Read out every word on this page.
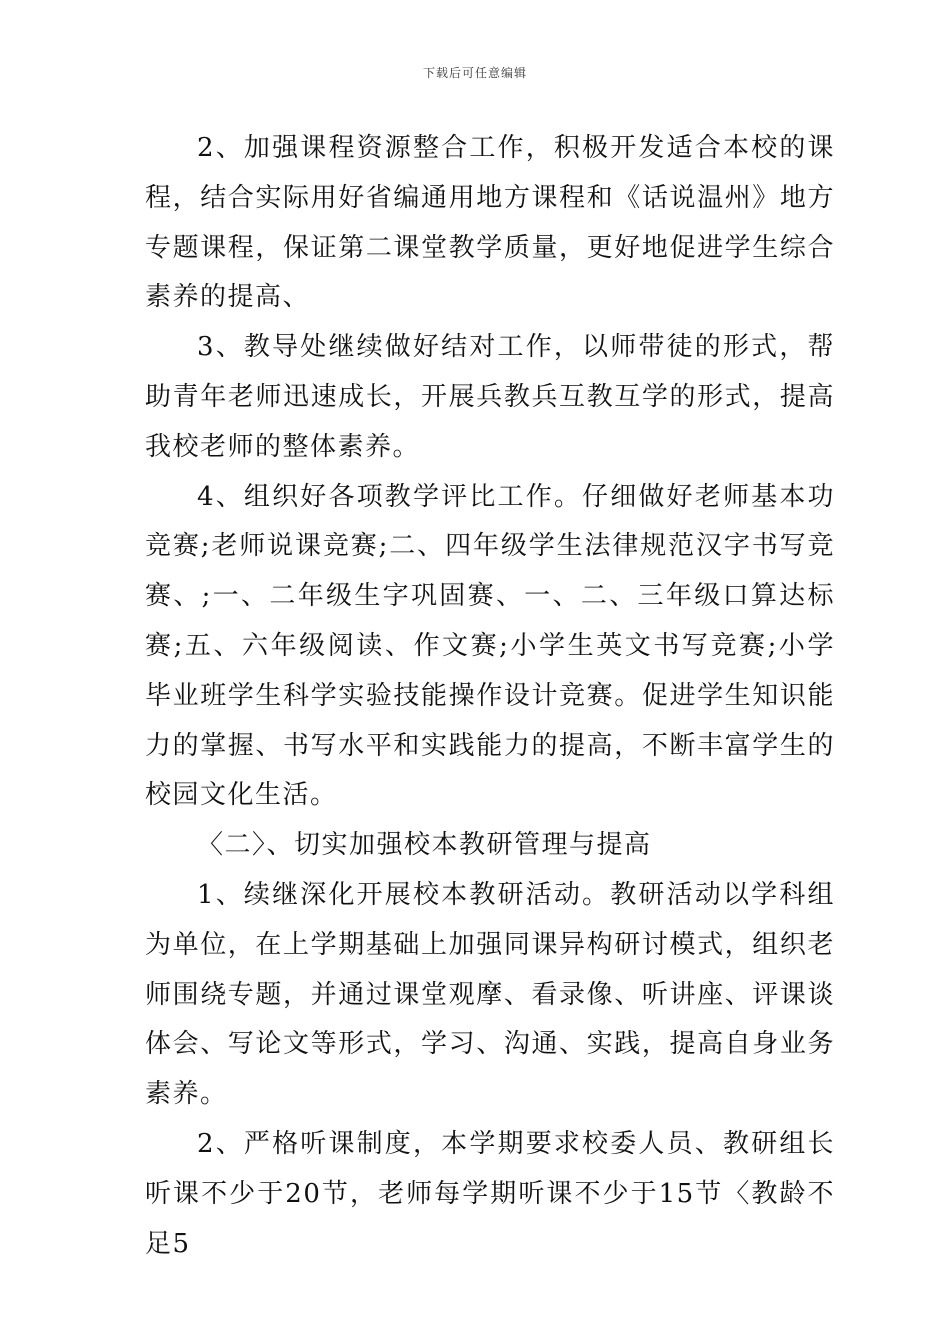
下载后可任意编辑

2、加强课程资源整合工作，积极开发适合本校的课程，结合实际用好省编通用地方课程和《话说温州》地方专题课程，保证第二课堂教学质量，更好地促进学生综合素养的提高、

3、教导处继续做好结对工作，以师带徒的形式，帮助青年老师迅速成长，开展兵教兵互教互学的形式，提高我校老师的整体素养。

4、组织好各项教学评比工作。仔细做好老师基本功竞赛;老师说课竞赛;二、四年级学生法律规范汉字书写竞赛、;一、二年级生字巩固赛、一、二、三年级口算达标赛;五、六年级阅读、作文赛;小学生英文书写竞赛;小学毕业班学生科学实验技能操作设计竞赛。促进学生知识能力的掌握、书写水平和实践能力的提高，不断丰富学生的校园文化生活。

〈二〉、切实加强校本教研管理与提高

1、续继深化开展校本教研活动。教研活动以学科组为单位，在上学期基础上加强同课异构研讨模式，组织老师围绕专题，并通过课堂观摩、看录像、听讲座、评课谈体会、写论文等形式，学习、沟通、实践，提高自身业务素养。

2、严格听课制度，本学期要求校委人员、教研组长听课不少于20节，老师每学期听课不少于15节〈教龄不足5
